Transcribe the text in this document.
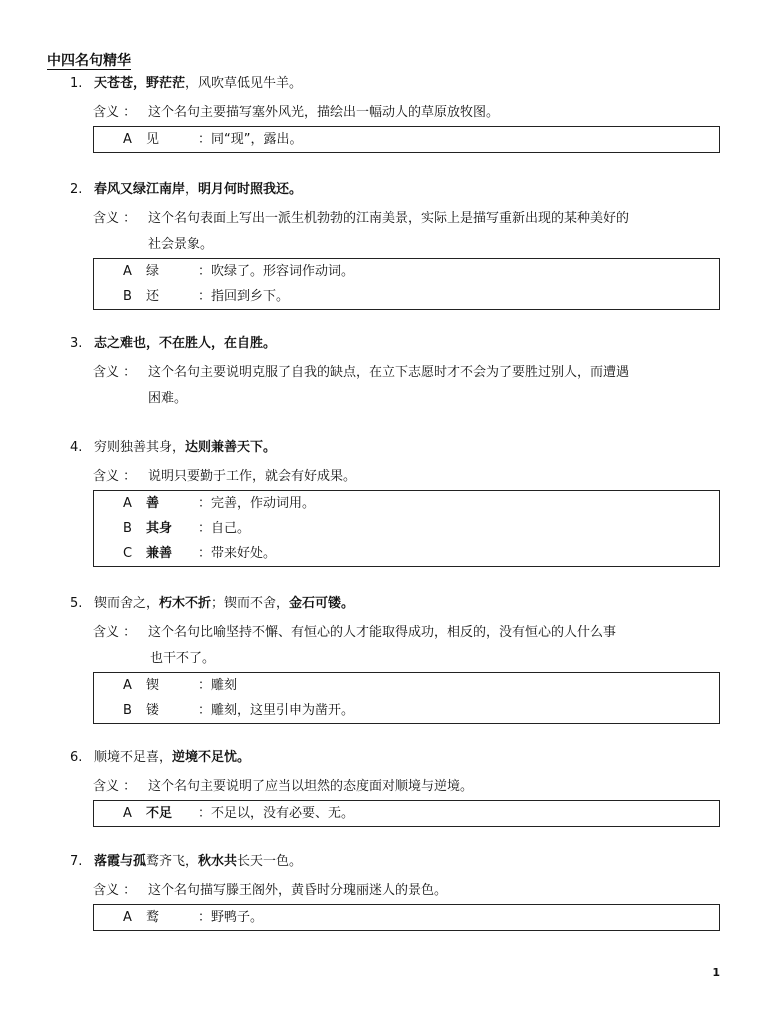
中四名句精华
1. 天苍苍，野茫茫，风吹草低见牛羊。
含义 ： 这个名句主要描写塞外风光，描绘出一幅动人的草原放牧图。
A 见	：同“现”，露出。
2. 春风又绿江南岸，明月何时照我还。
含义 ： 这个名句表面上写出一派生机勃勃的江南美景，实际上是描写重新出现的某种美好的
社会景象。
A 绿	：吹绿了。形容词作动词。
B 还	：指回到乡下。
3. 志之难也，不在胜人，在自胜。
含义 ： 这个名句主要说明克服了自我的缺点，在立下志愿时才不会为了要胜过别人，而遭遇
困难。
4. 穷则独善其身，达则兼善天下。
含义 ： 说明只要勤于工作，就会有好成果。
A 善	：完善，作动词用。
B 其身 ：自己。
C 兼善 ：带来好处。
5. 锲而舍之，朽木不折；锲而不舍，金石可镂。
含义 ： 这个名句比喻坚持不懈、有恒心的人才能取得成功，相反的，没有恒心的人什么事
也干不了。
A 锲	：雕刻
B 镂	：雕刻，这里引申为凿开。
6. 顺境不足喜，逆境不足忧。
含义 ： 这个名句主要说明了应当以坦然的态度面对顺境与逆境。
A 不足 ：不足以，没有必要、无。
7. 落霞与孤鹜齐飞，秋水共长天一色。
含义 ： 这个名句描写滕王阁外，黄昏时分瑰丽迷人的景色。
A 鹜	：野鸭子。
1
